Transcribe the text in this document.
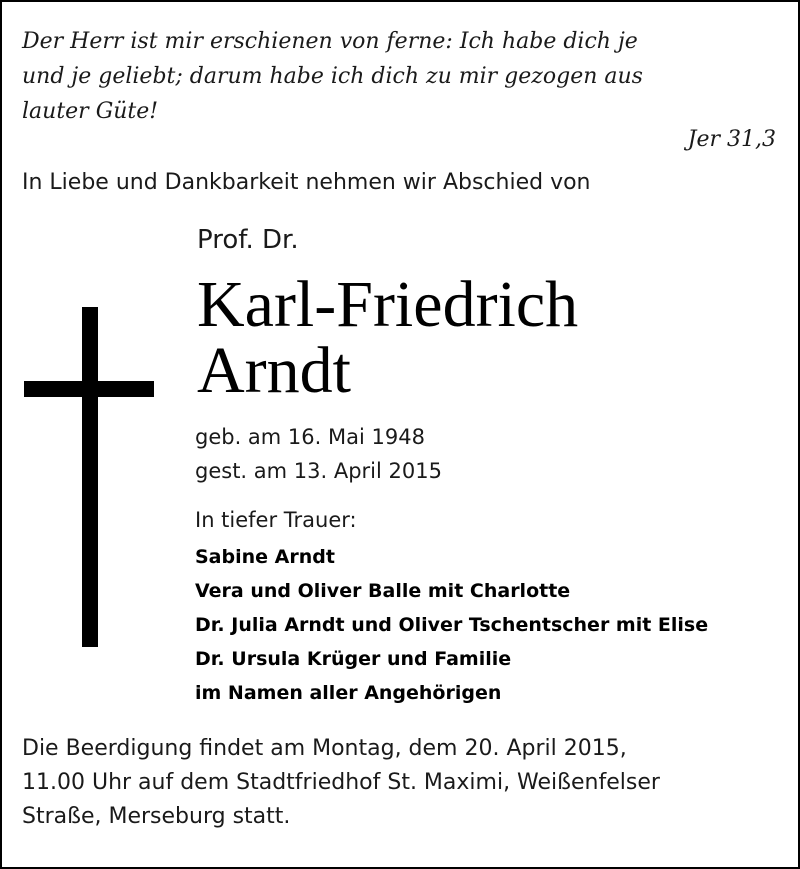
Der Herr ist mir erschienen von ferne: Ich habe dich je
und je geliebt; darum habe ich dich zu mir gezogen aus
lauter Güte!
Jer 31,3
In Liebe und Dankbarkeit nehmen wir Abschied von
Prof. Dr.
Karl-Friedrich
Arndt
geb. am 16. Mai 1948
gest. am 13. April 2015
In tiefer Trauer:
Sabine Arndt
Vera und Oliver Balle mit Charlotte
Dr. Julia Arndt und Oliver Tschentscher mit Elise
Dr. Ursula Krüger und Familie
im Namen aller Angehörigen
Die Beerdigung findet am Montag, dem 20. April 2015,
11.00 Uhr auf dem Stadtfriedhof St. Maximi, Weißenfelser
Straße, Merseburg statt.
